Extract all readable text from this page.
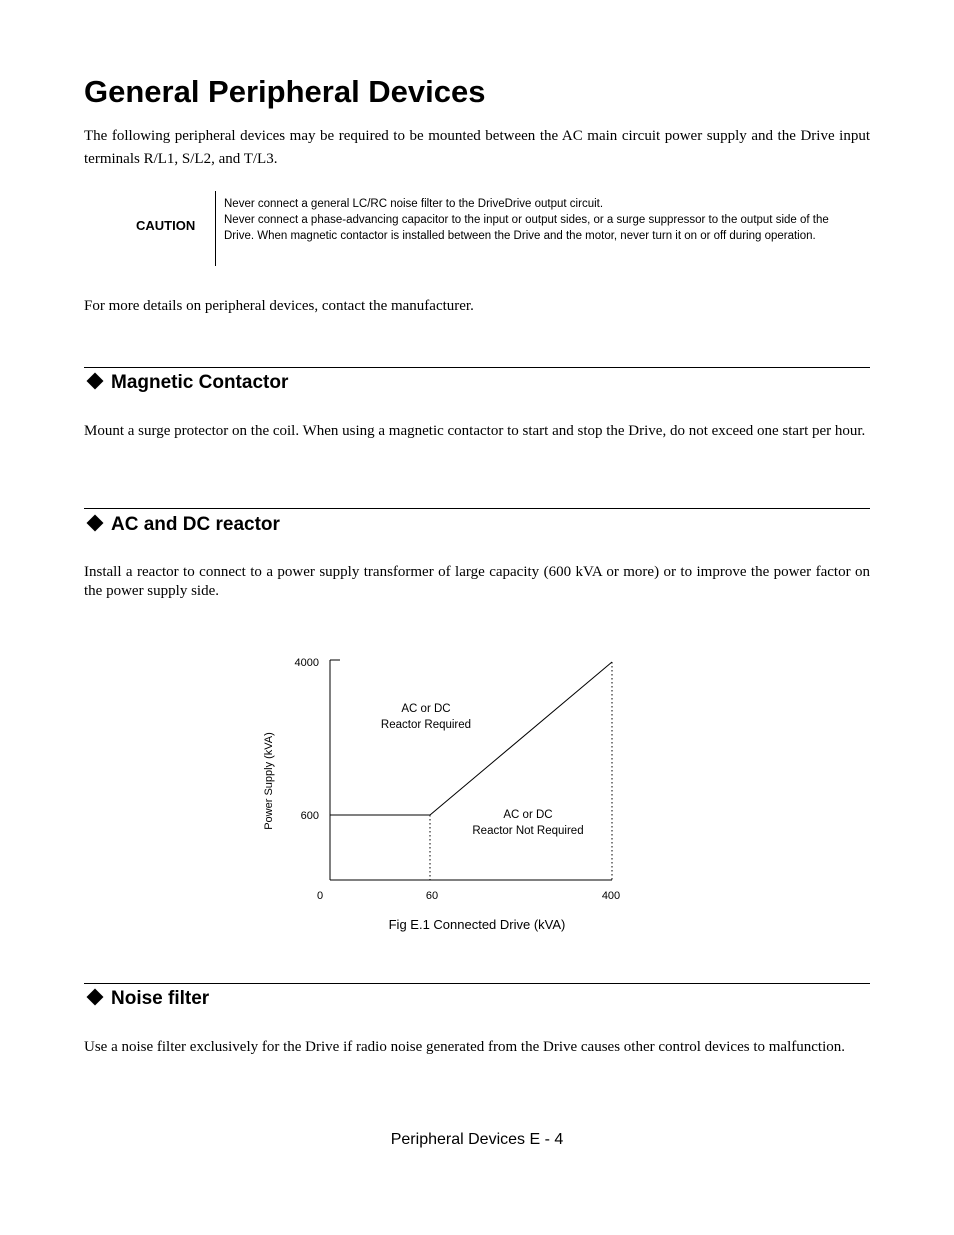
General Peripheral Devices

The following peripheral devices may be required to be mounted between the AC main circuit power supply and the Drive input terminals R/L1, S/L2, and T/L3.

CAUTION
Never connect a general LC/RC noise filter to the DriveDrive output circuit.
Never connect a phase-advancing capacitor to the input or output sides, or a surge suppressor to the output side of the Drive. When magnetic contactor is installed between the Drive and the motor, never turn it on or off during operation.

For more details on peripheral devices, contact the manufacturer.

Magnetic Contactor

Mount a surge protector on the coil. When using a magnetic contactor to start and stop the Drive, do not exceed one start per hour.

AC and DC reactor

Install a reactor to connect to a power supply transformer of large capacity (600 kVA or more) or to improve the power factor on the power supply side.

4000
600
0	60	400
Power Supply (kVA)
AC or DC
Reactor Required
AC or DC
Reactor Not Required
Fig E.1 Connected Drive (kVA)
Noise filter

Use a noise filter exclusively for the Drive if radio noise generated from the Drive causes other control devices to malfunction.

Peripheral Devices E - 4
